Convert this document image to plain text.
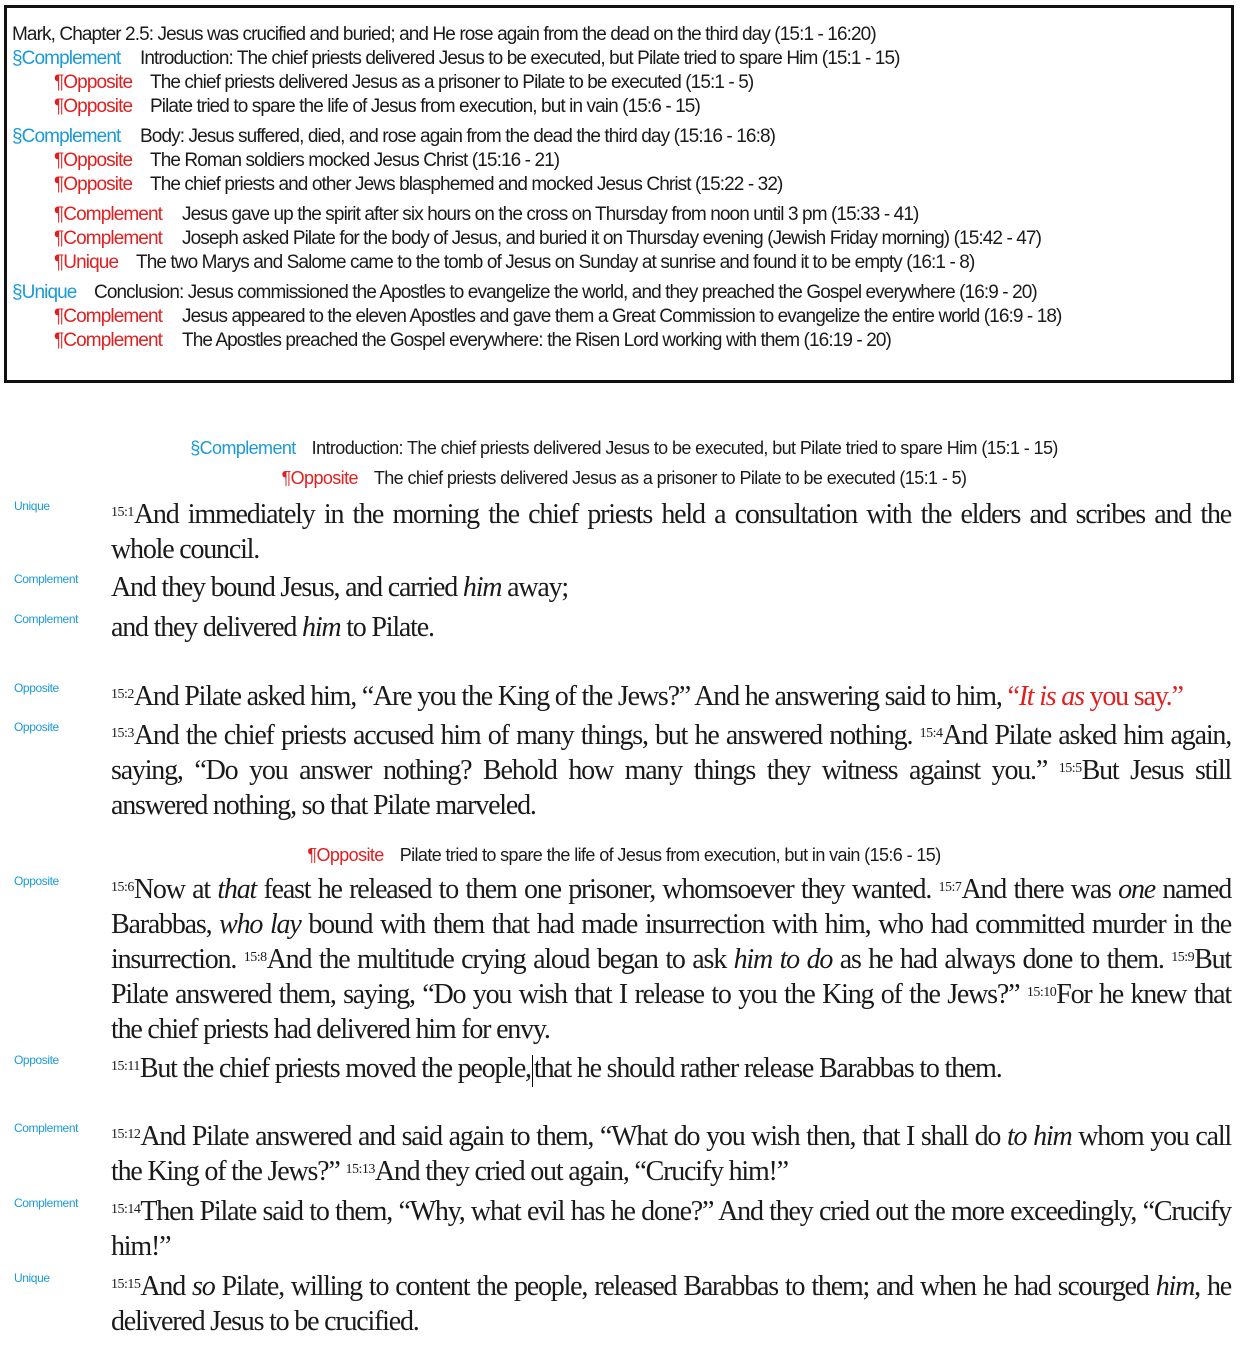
Mark, Chapter 2.5: Jesus was crucified and buried; and He rose again from the dead on the third day (15:1 - 16:20)
§Complement Introduction: The chief priests delivered Jesus to be executed, but Pilate tried to spare Him (15:1 - 15)
¶Opposite The chief priests delivered Jesus as a prisoner to Pilate to be executed (15:1 - 5)
¶Opposite Pilate tried to spare the life of Jesus from execution, but in vain (15:6 - 15)
§Complement Body: Jesus suffered, died, and rose again from the dead the third day (15:16 - 16:8)
¶Opposite The Roman soldiers mocked Jesus Christ (15:16 - 21)
¶Opposite The chief priests and other Jews blasphemed and mocked Jesus Christ (15:22 - 32)
¶Complement Jesus gave up the spirit after six hours on the cross on Thursday from noon until 3 pm (15:33 - 41)
¶Complement Joseph asked Pilate for the body of Jesus, and buried it on Thursday evening (Jewish Friday morning) (15:42 - 47)
¶Unique The two Marys and Salome came to the tomb of Jesus on Sunday at sunrise and found it to be empty (16:1 - 8)
§Unique Conclusion: Jesus commissioned the Apostles to evangelize the world, and they preached the Gospel everywhere (16:9 - 20)
¶Complement Jesus appeared to the eleven Apostles and gave them a Great Commission to evangelize the entire world (16:9 - 18)
¶Complement The Apostles preached the Gospel everywhere: the Risen Lord working with them (16:19 - 20)
§Complement Introduction: The chief priests delivered Jesus to be executed, but Pilate tried to spare Him (15:1 - 15)
¶Opposite The chief priests delivered Jesus as a prisoner to Pilate to be executed (15:1 - 5)
Unique	$^{15:1}$And immediately in the morning the chief priests held a consultation with the elders and scribes and the whole council.
Complement And they bound Jesus, and carried him away;
Complement and they delivered him to Pilate.
Opposite	$^{15:2}$And Pilate asked him, “Are you the King of the Jews?” And he answering said to him, “It is as you say.”
Opposite	$^{15:3}$And the chief priests accused him of many things, but he answered nothing. $^{15:4}$And Pilate asked him again, saying, “Do you answer nothing? Behold how many things they witness against you.” $^{15:5}$But Jesus still answered nothing, so that Pilate marveled.
¶Opposite Pilate tried to spare the life of Jesus from execution, but in vain (15:6 - 15)
Opposite	$^{15:6}$Now at that feast he released to them one prisoner, whomsoever they wanted. $^{15:7}$And there was one named Barabbas, who lay bound with them that had made insurrection with him, who had committed murder in the insurrection. $^{15:8}$And the multitude crying aloud began to ask him to do as he had always done to them. $^{15:9}$But Pilate answered them, saying, “Do you wish that I release to you the King of the Jews?” $^{15:10}$For he knew that the chief priests had delivered him for envy.
Opposite	$^{15:11}$But the chief priests moved the people, that he should rather release Barabbas to them.
Complement $^{15:12}$And Pilate answered and said again to them, “What do you wish then, that I shall do to him whom you call the King of the Jews?” $^{15:13}$And they cried out again, “Crucify him!”
Complement $^{15:14}$Then Pilate said to them, “Why, what evil has he done?” And they cried out the more exceedingly, “Crucify him!”
Unique	$^{15:15}$And so Pilate, willing to content the people, released Barabbas to them; and when he had scourged him, he delivered Jesus to be crucified.
